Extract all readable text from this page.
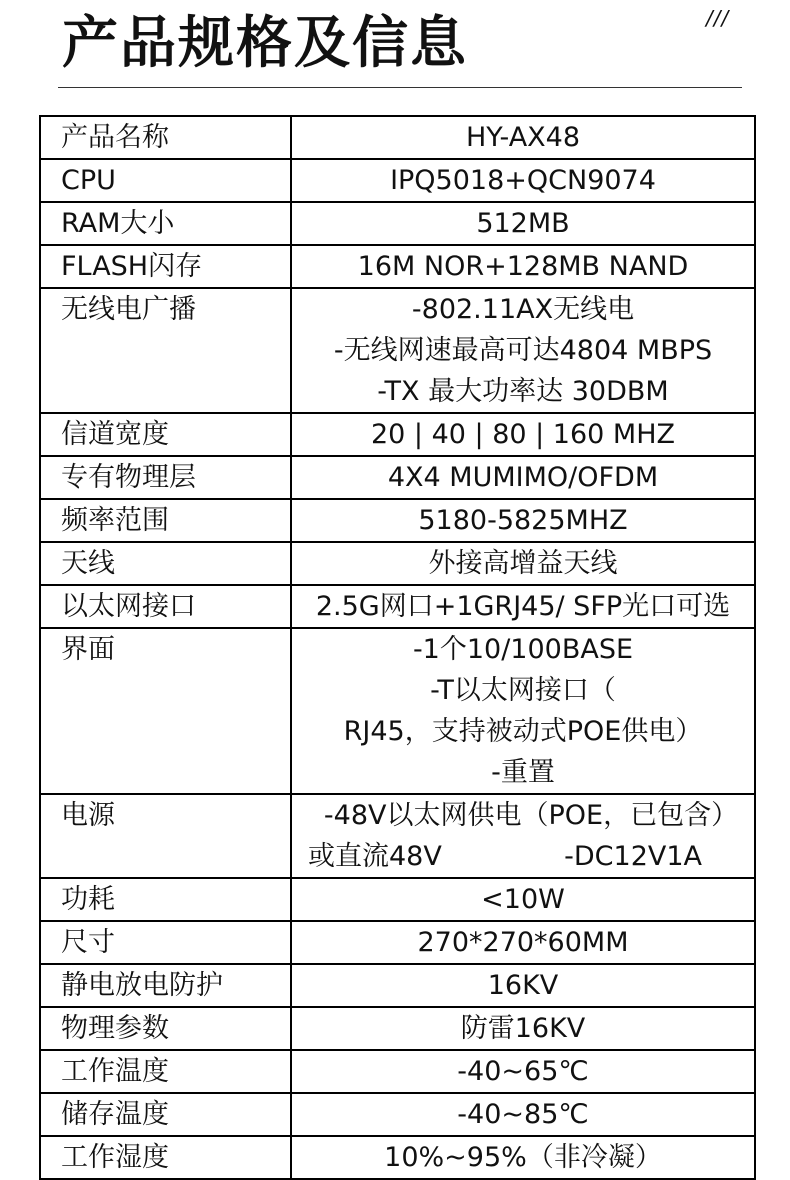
产品规格及信息	///
产品名称	HY-AX48

CPU	IPQ5018+QCN9074

RAM大小	512MB

FLASH闪存	16M NOR+128MB NAND

无线电广播	-802.11AX无线电
-无线网速最高可达4804 MBPS
-TX 最大功率达 30DBM

信道宽度	20 | 40 | 80 | 160 MHZ

专有物理层	4X4 MUMIMO/OFDM

频率范围	5180-5825MHZ

天线	外接高增益天线

以太网接口	2.5G网口+1GRJ45/ SFP光口可选

界面	-1个10/100BASE
-T以太网接口（
RJ45，支持被动式POE供电）
-重置

电源	-48V以太网供电（POE，已包含）
或直流48V -DC12V1A

功耗	<10W

尺寸	270*270*60MM

静电放电防护	16KV

物理参数	防雷16KV

工作温度	-40~65℃

储存温度	-40~85℃

工作湿度	10%~95%（非冷凝）
